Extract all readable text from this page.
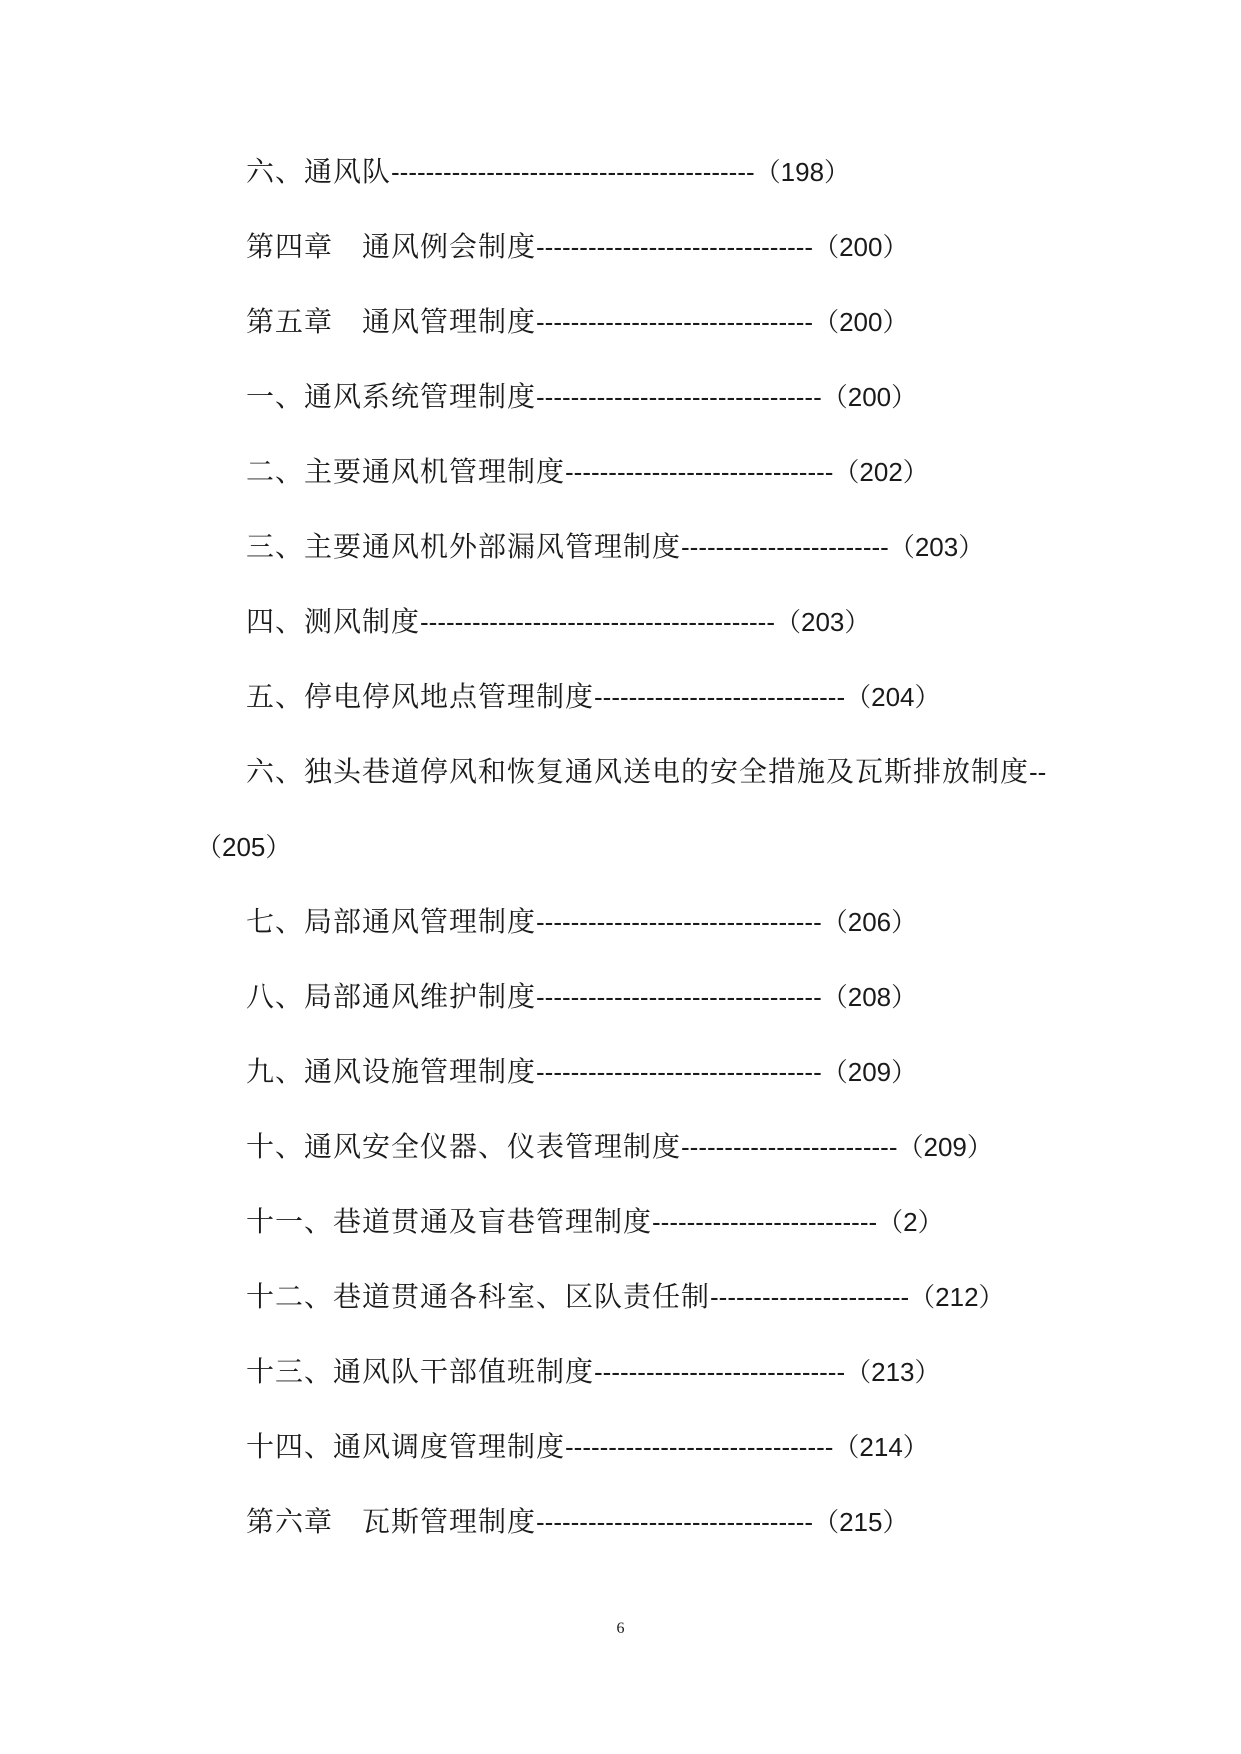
六、通风队------------------------------------------（198）
第四章　通风例会制度--------------------------------（200）
第五章　通风管理制度--------------------------------（200）
一、通风系统管理制度---------------------------------（200）
二、主要通风机管理制度-------------------------------（202）
三、主要通风机外部漏风管理制度------------------------（203）
四、测风制度-----------------------------------------（203）
五、停电停风地点管理制度-----------------------------（204）
六、独头巷道停风和恢复通风送电的安全措施及瓦斯排放制度--
（205）
七、局部通风管理制度---------------------------------（206）
八、局部通风维护制度---------------------------------（208）
九、通风设施管理制度---------------------------------（209）
十、通风安全仪器、仪表管理制度-------------------------（209）
十一、巷道贯通及盲巷管理制度--------------------------（2）
十二、巷道贯通各科室、区队责任制-----------------------（212）
十三、通风队干部值班制度-----------------------------（213）
十四、通风调度管理制度-------------------------------（214）
第六章　瓦斯管理制度--------------------------------（215）
6
